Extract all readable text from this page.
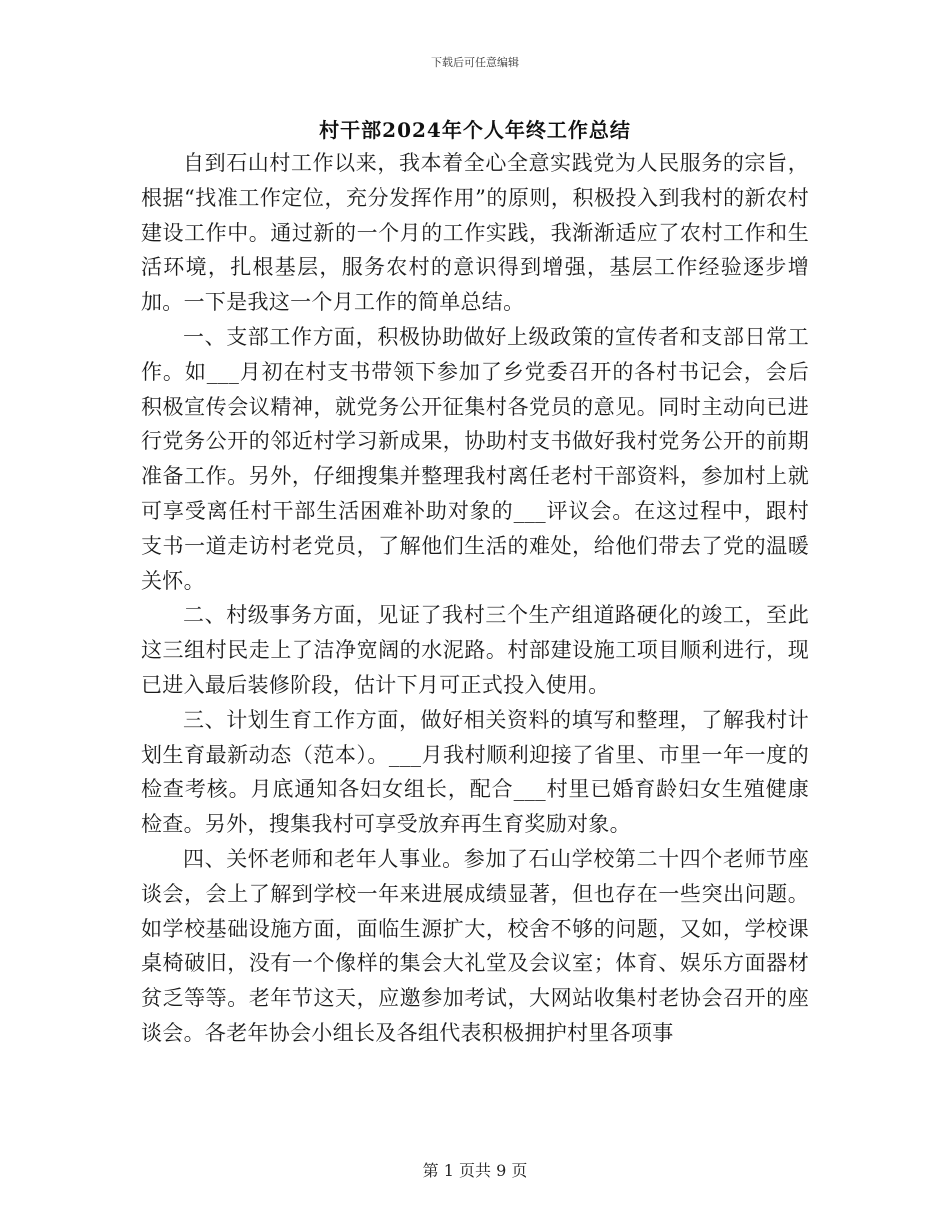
下载后可任意编辑
村干部2024年个人年终工作总结

自到石山村工作以来，我本着全心全意实践党为人民服务的宗旨，根据“找准工作定位，充分发挥作用”的原则，积极投入到我村的新农村建设工作中。通过新的一个月的工作实践，我渐渐适应了农村工作和生活环境，扎根基层，服务农村的意识得到增强，基层工作经验逐步增加。一下是我这一个月工作的简单总结。

一、支部工作方面，积极协助做好上级政策的宣传者和支部日常工作。如___月初在村支书带领下参加了乡党委召开的各村书记会，会后积极宣传会议精神，就党务公开征集村各党员的意见。同时主动向已进行党务公开的邻近村学习新成果，协助村支书做好我村党务公开的前期准备工作。另外，仔细搜集并整理我村离任老村干部资料，参加村上就可享受离任村干部生活困难补助对象的___评议会。在这过程中，跟村支书一道走访村老党员，了解他们生活的难处，给他们带去了党的温暖关怀。

二、村级事务方面，见证了我村三个生产组道路硬化的竣工，至此这三组村民走上了洁净宽阔的水泥路。村部建设施工项目顺利进行，现已进入最后装修阶段，估计下月可正式投入使用。

三、计划生育工作方面，做好相关资料的填写和整理，了解我村计划生育最新动态（范本）。___月我村顺利迎接了省里、市里一年一度的检查考核。月底通知各妇女组长，配合___村里已婚育龄妇女生殖健康检查。另外，搜集我村可享受放弃再生育奖励对象。

四、关怀老师和老年人事业。参加了石山学校第二十四个老师节座谈会，会上了解到学校一年来进展成绩显著，但也存在一些突出问题。如学校基础设施方面，面临生源扩大，校舍不够的问题，又如，学校课桌椅破旧，没有一个像样的集会大礼堂及会议室；体育、娱乐方面器材贫乏等等。老年节这天，应邀参加考试，大网站收集村老协会召开的座谈会。各老年协会小组长及各组代表积极拥护村里各项事

第 1 页共 9 页
